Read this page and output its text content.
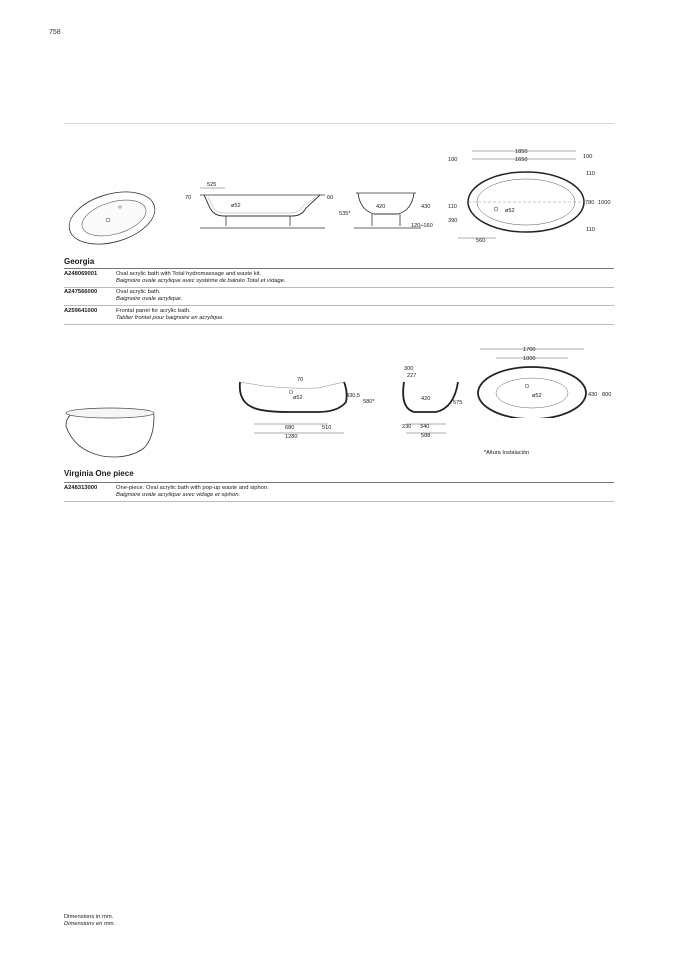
758
525
70	60
ø52	420	430
535*
120÷160
1850
1650
100	100
110
ø52
780 1000
110
390
110
560
Georgia
A248069001	Oval acrylic bath with Total hydromassage and waste kit.
Baignoire ovale acrylique avec système de balnéo Total et vidage.
A247566000	Oval acrylic bath.
Baignoire ovale acrylique.
A259641000	Frontal panel for acrylic bath.
Tablier frontal pour baignoire en acrylique.
70
ø52	430,5
580*
680	510
1280
300
227
420
575
230 340
588
1700
1000
ø52	430 800
*Altura Instalación
Virginia One piece
A248313000	One-piece. Oval acrylic bath with pop-up waste and siphon.
Baignoire ovale acrylique avec vidage et siphon.
Dimensions in mm.
Dimensions en mm.
